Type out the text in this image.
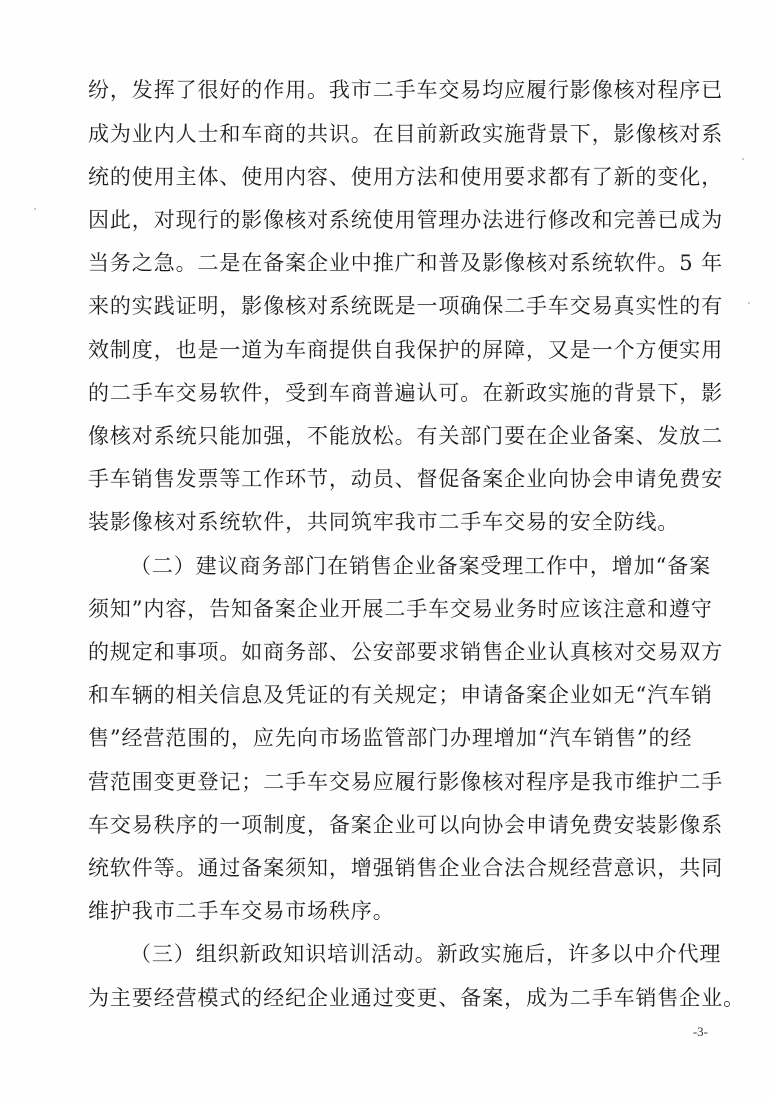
纷，发挥了很好的作用。我市二手车交易均应履行影像核对程序已
成为业内人士和车商的共识。在目前新政实施背景下，影像核对系
统的使用主体、使用内容、使用方法和使用要求都有了新的变化，
因此，对现行的影像核对系统使用管理办法进行修改和完善已成为
当务之急。二是在备案企业中推广和普及影像核对系统软件。5 年
来的实践证明，影像核对系统既是一项确保二手车交易真实性的有
效制度，也是一道为车商提供自我保护的屏障，又是一个方便实用
的二手车交易软件，受到车商普遍认可。在新政实施的背景下，影
像核对系统只能加强，不能放松。有关部门要在企业备案、发放二
手车销售发票等工作环节，动员、督促备案企业向协会申请免费安
装影像核对系统软件，共同筑牢我市二手车交易的安全防线。
（二）建议商务部门在销售企业备案受理工作中，增加“备案
须知”内容，告知备案企业开展二手车交易业务时应该注意和遵守
的规定和事项。如商务部、公安部要求销售企业认真核对交易双方
和车辆的相关信息及凭证的有关规定；申请备案企业如无“汽车销
售”经营范围的，应先向市场监管部门办理增加“汽车销售”的经
营范围变更登记；二手车交易应履行影像核对程序是我市维护二手
车交易秩序的一项制度，备案企业可以向协会申请免费安装影像系
统软件等。通过备案须知，增强销售企业合法合规经营意识，共同
维护我市二手车交易市场秩序。
（三）组织新政知识培训活动。新政实施后，许多以中介代理
为主要经营模式的经纪企业通过变更、备案，成为二手车销售企业。
-3-
